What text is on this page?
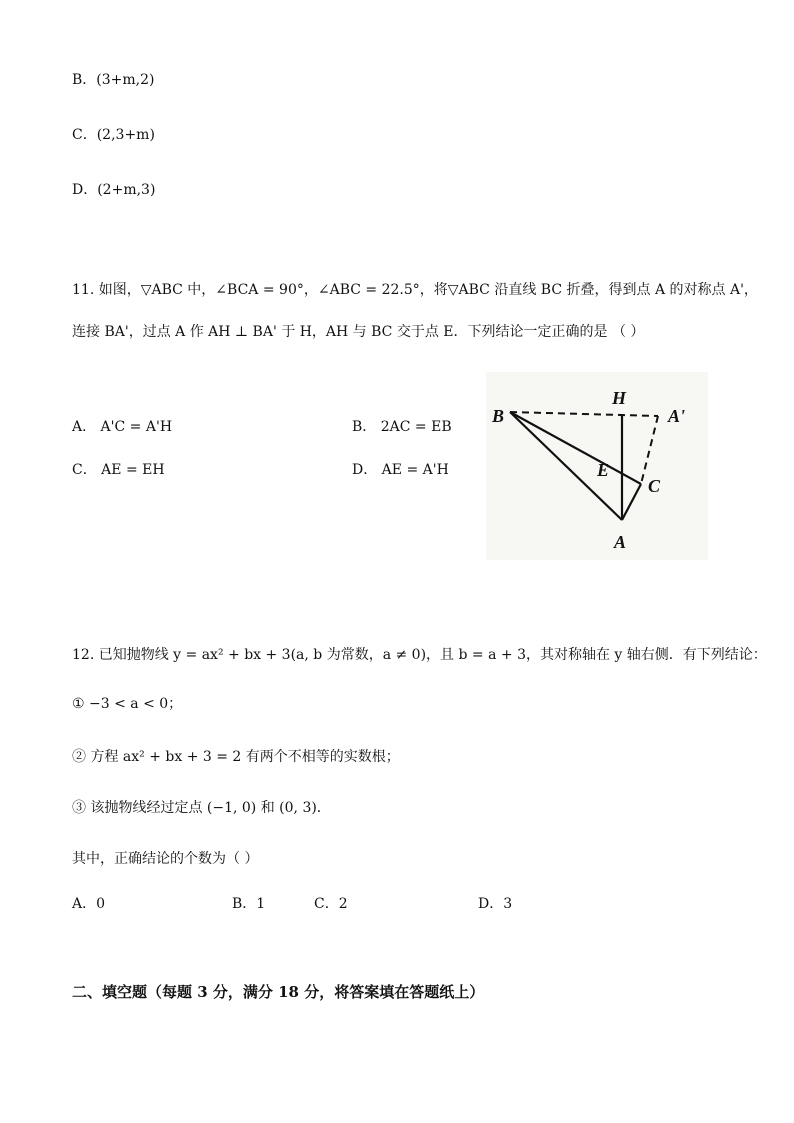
B．(3+m,2)
C．(2,3+m)
D．(2+m,3)
11. 如图，▽ABC 中，∠BCA = 90°，∠ABC = 22.5°，将▽ABC 沿直线 BC 折叠，得到点 A 的对称点 A'，
连接 BA'，过点 A 作 AH ⊥ BA' 于 H，AH 与 BC 交于点 E．下列结论一定正确的是 （ ）
A． A'C = A'H	B． 2AC = EB
C． AE = EH	D． AE = A'H
B
H
A'
E
C
A
12. 已知抛物线 y = ax² + bx + 3(a, b 为常数，a ≠ 0)，且 b = a + 3，其对称轴在 y 轴右侧．有下列结论：
① −3 < a < 0；
② 方程 ax² + bx + 3 = 2 有两个不相等的实数根；
③ 该抛物线经过定点 (−1, 0) 和 (0, 3)．
其中，正确结论的个数为（ ）
A．0	B．1	C．2	D．3
二、填空题（每题 3 分，满分 18 分，将答案填在答题纸上）
